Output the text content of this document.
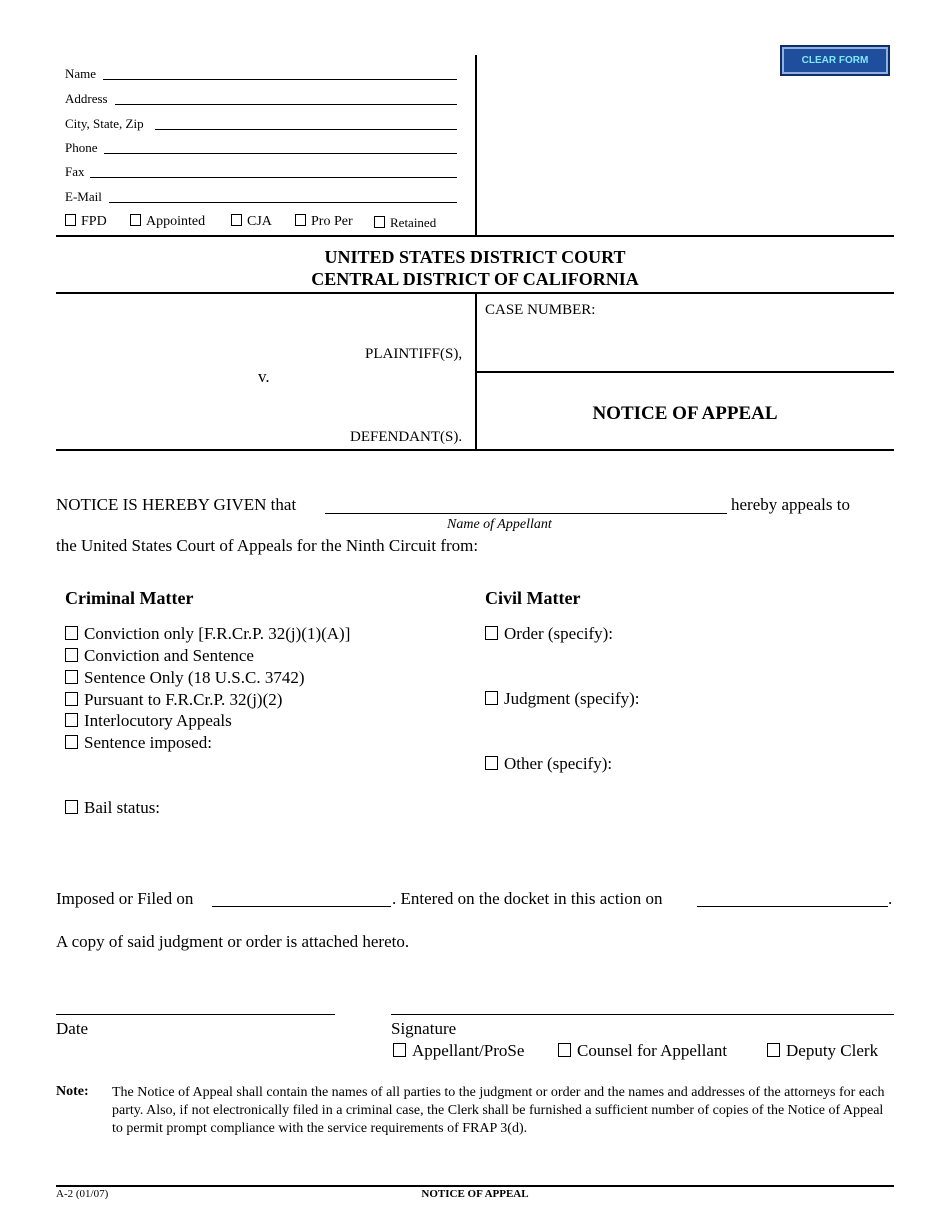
CLEAR FORM
Name
Address
City, State, Zip
Phone
Fax
E-Mail
FPD	Appointed	CJA	Pro Per	Retained
UNITED STATES DISTRICT COURT
CENTRAL DISTRICT OF CALIFORNIA
PLAINTIFF(S),
v.
DEFENDANT(S).
CASE NUMBER:
NOTICE OF APPEAL
NOTICE IS HEREBY GIVEN that	hereby appeals to
Name of Appellant
the United States Court of Appeals for the Ninth Circuit from:
Criminal Matter
Conviction only [F.R.Cr.P. 32(j)(1)(A)]
Conviction and Sentence
Sentence Only (18 U.S.C. 3742)
Pursuant to F.R.Cr.P. 32(j)(2)
Interlocutory Appeals
Sentence imposed:
Bail status:
Civil Matter
Order (specify):
Judgment (specify):
Other (specify):
Imposed or Filed on	. Entered on the docket in this action on	.
A copy of said judgment or order is attached hereto.
Date	Signature
Appellant/ProSe	Counsel for Appellant	Deputy Clerk
Note: The Notice of Appeal shall contain the names of all parties to the judgment or order and the names and addresses of the attorneys for each party. Also, if not electronically filed in a criminal case, the Clerk shall be furnished a sufficient number of copies of the Notice of Appeal to permit prompt compliance with the service requirements of FRAP 3(d).
A-2 (01/07)	NOTICE OF APPEAL
